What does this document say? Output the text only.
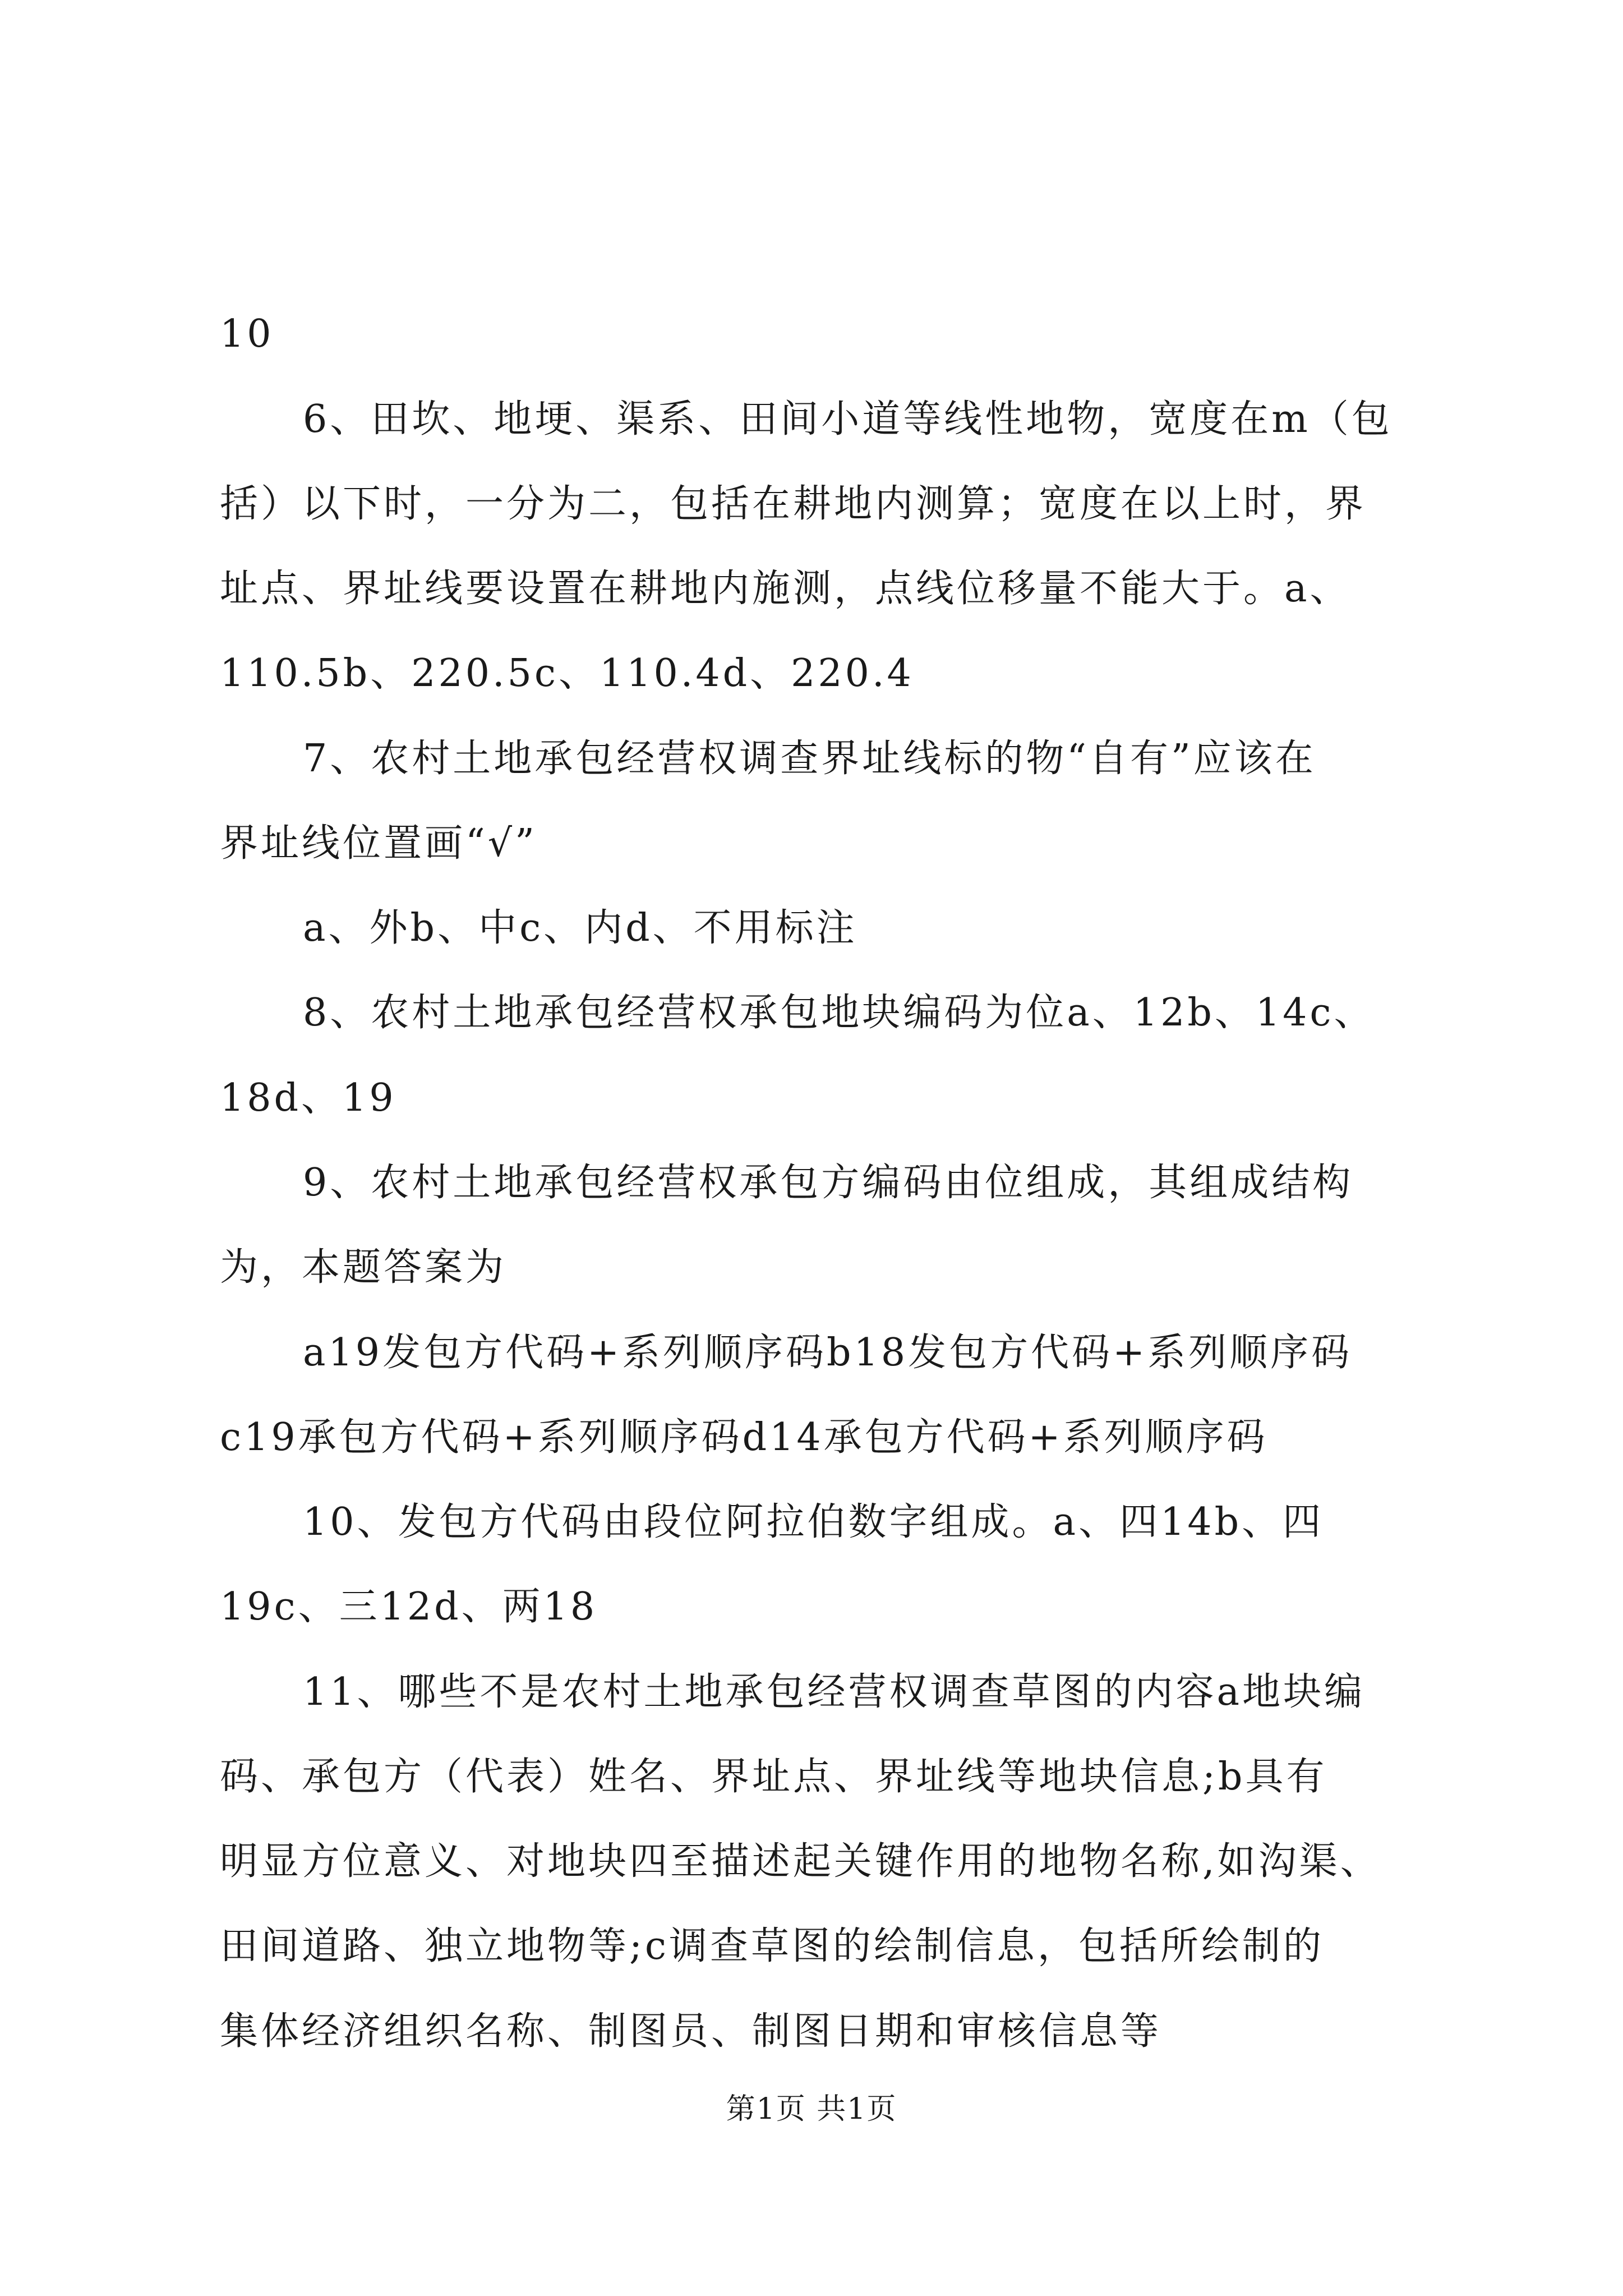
10
6、田坎、地埂、渠系、田间小道等线性地物，宽度在m（包
括）以下时，一分为二，包括在耕地内测算；宽度在以上时，界
址点、界址线要设置在耕地内施测，点线位移量不能大于。a、
110.5b、220.5c、110.4d、220.4
7、农村土地承包经营权调查界址线标的物“自有”应该在
界址线位置画“√”
a、外b、中c、内d、不用标注
8、农村土地承包经营权承包地块编码为位a、12b、14c、
18d、19
9、农村土地承包经营权承包方编码由位组成，其组成结构
为，本题答案为
a19发包方代码+系列顺序码b18发包方代码+系列顺序码
c19承包方代码+系列顺序码d14承包方代码+系列顺序码
10、发包方代码由段位阿拉伯数字组成。a、四14b、四
19c、三12d、两18
11、哪些不是农村土地承包经营权调查草图的内容a地块编
码、承包方（代表）姓名、界址点、界址线等地块信息;b具有
明显方位意义、对地块四至描述起关键作用的地物名称,如沟渠、
田间道路、独立地物等;c调查草图的绘制信息，包括所绘制的
集体经济组织名称、制图员、制图日期和审核信息等
第1页 共1页
